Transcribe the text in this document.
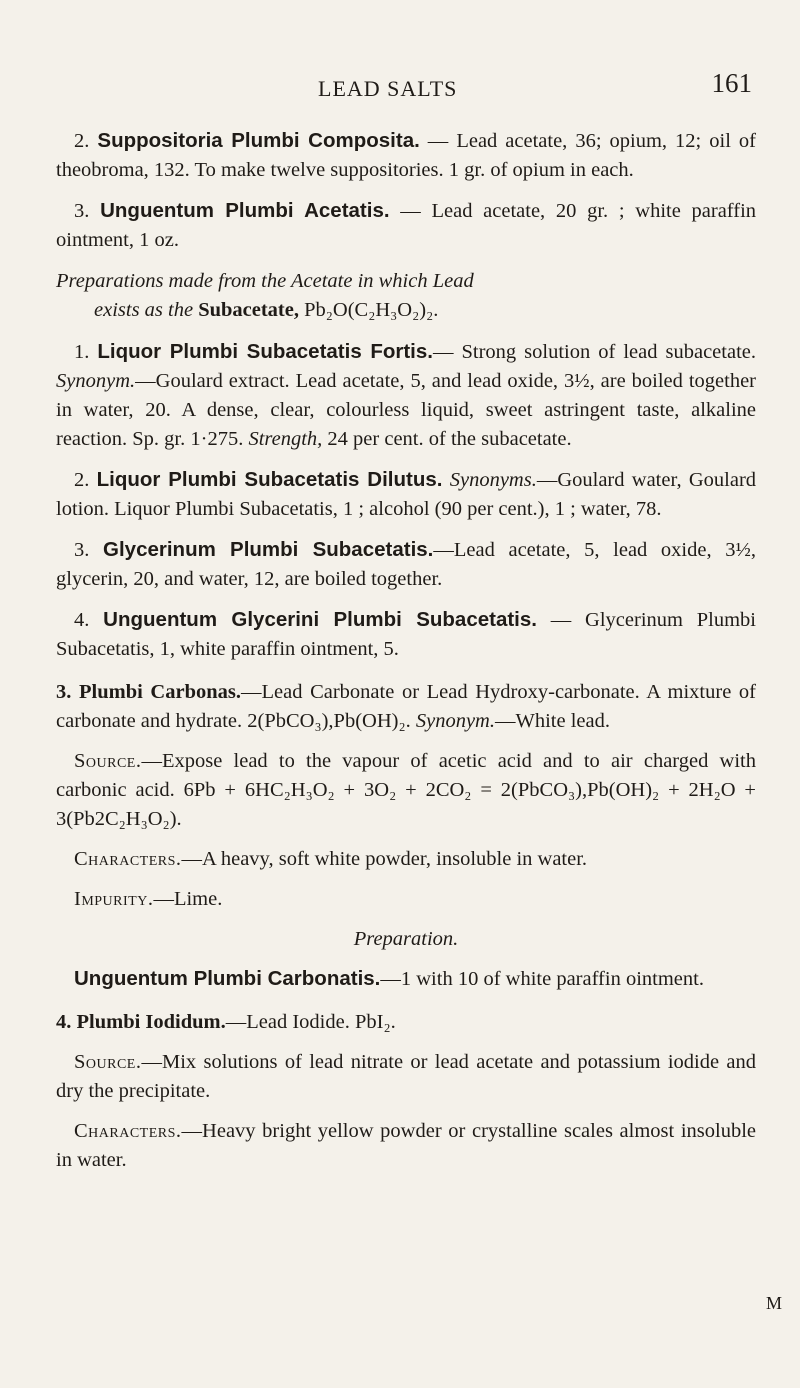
LEAD SALTS	161

2. Suppositoria Plumbi Composita. — Lead acetate, 36; opium, 12; oil of theobroma, 132. To make twelve suppositories. 1 gr. of opium in each.

3. Unguentum Plumbi Acetatis. — Lead acetate, 20 gr. ; white paraffin ointment, 1 oz.

Preparations made from the Acetate in which Lead
exists as the Subacetate, Pb₂O(C₂H₃O₂)₂.

1. Liquor Plumbi Subacetatis Fortis.— Strong solution of lead subacetate. Synonym.—Goulard extract. Lead acetate, 5, and lead oxide, 3½, are boiled together in water, 20. A dense, clear, colourless liquid, sweet astringent taste, alkaline reaction. Sp. gr. 1·275. Strength, 24 per cent. of the subacetate.

2. Liquor Plumbi Subacetatis Dilutus. Synonyms.—Goulard water, Goulard lotion. Liquor Plumbi Subacetatis, 1 ; alcohol (90 per cent.), 1 ; water, 78.

3. Glycerinum Plumbi Subacetatis.—Lead acetate, 5, lead oxide, 3½, glycerin, 20, and water, 12, are boiled together.

4. Unguentum Glycerini Plumbi Subacetatis. — Glycerinum Plumbi Subacetatis, 1, white paraffin ointment, 5.

3. Plumbi Carbonas.—Lead Carbonate or Lead Hydroxy-carbonate. A mixture of carbonate and hydrate. 2(PbCO₃),Pb(OH)₂. Synonym.—White lead.

Source.—Expose lead to the vapour of acetic acid and to air charged with carbonic acid. 6Pb + 6HC₂H₃O₂ + 3O₂ + 2CO₂ = 2(PbCO₃),Pb(OH)₂ + 2H₂O + 3(Pb2C₂H₃O₂).

Characters.—A heavy, soft white powder, insoluble in water.

Impurity.—Lime.

Preparation.

Unguentum Plumbi Carbonatis.—1 with 10 of white paraffin ointment.

4. Plumbi Iodidum.—Lead Iodide. PbI₂.

Source.—Mix solutions of lead nitrate or lead acetate and potassium iodide and dry the precipitate.

Characters.—Heavy bright yellow powder or crystalline scales almost insoluble in water.

M
